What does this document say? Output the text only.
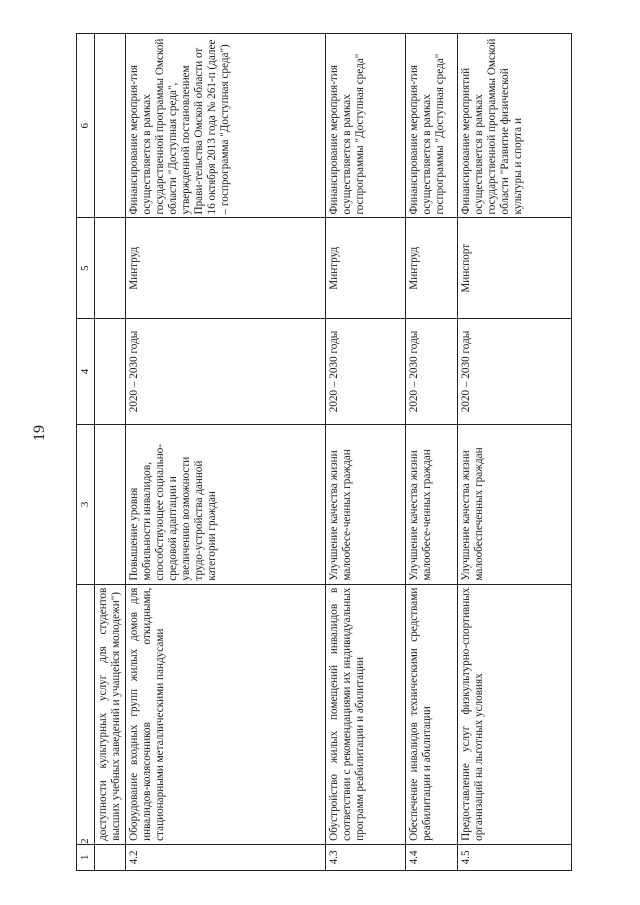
19
1	2	3	4	5	6
	доступности культурных услуг для студентов высших учебных заведений и учащейся молодежи")				
4.2	Оборудование входных групп жилых домов для инвалидов-колясочников откидными, стационарными металлическими пандусами	Повышение уровня мобильности инвалидов, способствующее социально-средовой адаптации и увеличению возможности трудо-устройства данной категории граждан	2020 – 2030 годы	Минтруд	Финансирование мероприя-тия осуществляется в рамках государственной программы Омской области "Доступная среда", утвержденной постановлением Прави-тельства Омской области от 16 октября 2013 года № 261-п (далее – госпрограмма "Доступная среда")
4.3	Обустройство жилых помещений инвалидов в соответствии с рекомендациями их индивидуальных программ реабилитации и абилитации	Улучшение качества жизни малообесе-ченных граждан	2020 – 2030 годы	Минтруд	Финансирование мероприя-тия осуществляется в рамках госпрограммы "Доступная среда"
4.4	Обеспечение инвалидов техническими средствами реабилитации и абилитации	Улучшение качества жизни малообесе-ченных граждан	2020 – 2030 годы	Минтруд	Финансирование мероприя-тия осуществляется в рамках госпрограммы "Доступная среда"
4.5	Предоставление услуг физкультурно-спортивных организаций на льготных условиях	Улучшение качества жизни малообеспеченных граждан	2020 – 2030 годы	Минспорт	Финансирование мероприятий осуществляется в рамках государственной программы Омской области "Развитие физической культуры и спорта и
